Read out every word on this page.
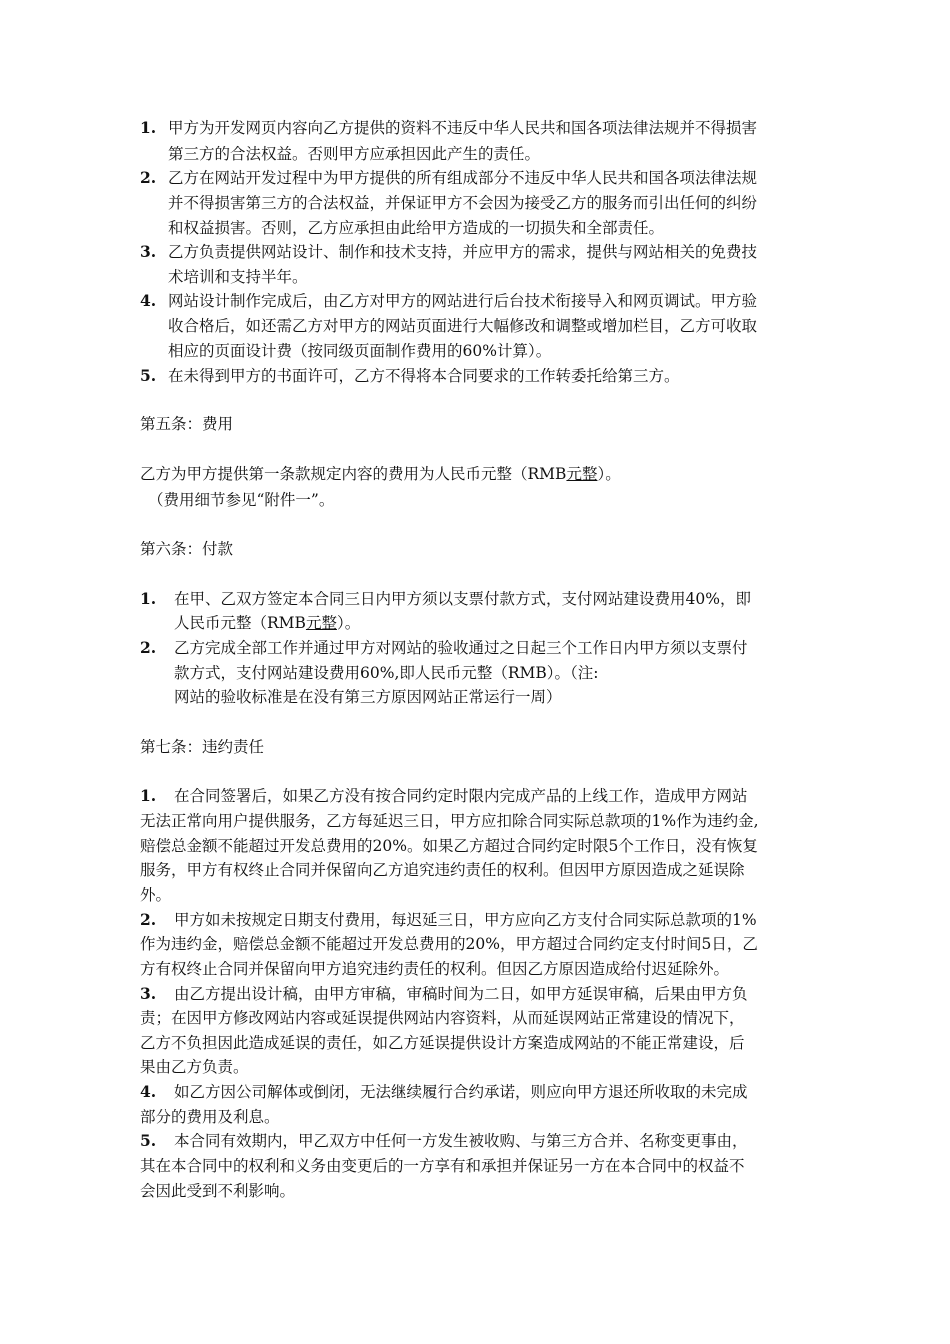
1. 甲方为开发网页内容向乙方提供的资料不违反中华人民共和国各项法律法规并不得损害
第三方的合法权益。否则甲方应承担因此产生的责任。
2. 乙方在网站开发过程中为甲方提供的所有组成部分不违反中华人民共和国各项法律法规
并不得损害第三方的合法权益，并保证甲方不会因为接受乙方的服务而引出任何的纠纷
和权益损害。否则，乙方应承担由此给甲方造成的一切损失和全部责任。
3. 乙方负责提供网站设计、制作和技术支持，并应甲方的需求，提供与网站相关的免费技
术培训和支持半年。
4. 网站设计制作完成后，由乙方对甲方的网站进行后台技术衔接导入和网页调试。甲方验
收合格后，如还需乙方对甲方的网站页面进行大幅修改和调整或增加栏目，乙方可收取
相应的页面设计费（按同级页面制作费用的60%计算）。
5. 在未得到甲方的书面许可，乙方不得将本合同要求的工作转委托给第三方。
第五条：费用
乙方为甲方提供第一条款规定内容的费用为人民币元整（RMB元整）。
（费用细节参见“附件一”。
第六条：付款
1. 在甲、乙双方签定本合同三日内甲方须以支票付款方式，支付网站建设费用40%，即
人民币元整（RMB元整）。
2. 乙方完成全部工作并通过甲方对网站的验收通过之日起三个工作日内甲方须以支票付
款方式，支付网站建设费用60%,即人民币元整（RMB）。（注:
网站的验收标准是在没有第三方原因网站正常运行一周）
第七条：违约责任
1. 在合同签署后，如果乙方没有按合同约定时限内完成产品的上线工作，造成甲方网站
无法正常向用户提供服务，乙方每延迟三日，甲方应扣除合同实际总款项的1%作为违约金,
赔偿总金额不能超过开发总费用的20%。如果乙方超过合同约定时限5个工作日，没有恢复
服务，甲方有权终止合同并保留向乙方追究违约责任的权利。但因甲方原因造成之延误除
外。
2. 甲方如未按规定日期支付费用，每迟延三日，甲方应向乙方支付合同实际总款项的1%
作为违约金，赔偿总金额不能超过开发总费用的20%，甲方超过合同约定支付时间5日，乙
方有权终止合同并保留向甲方追究违约责任的权利。但因乙方原因造成给付迟延除外。
3. 由乙方提出设计稿，由甲方审稿，审稿时间为二日，如甲方延误审稿，后果由甲方负
责；在因甲方修改网站内容或延误提供网站内容资料，从而延误网站正常建设的情况下，
乙方不负担因此造成延误的责任，如乙方延误提供设计方案造成网站的不能正常建设，后
果由乙方负责。
4. 如乙方因公司解体或倒闭，无法继续履行合约承诺，则应向甲方退还所收取的未完成
部分的费用及利息。
5. 本合同有效期内，甲乙双方中任何一方发生被收购、与第三方合并、名称变更事由，
其在本合同中的权利和义务由变更后的一方享有和承担并保证另一方在本合同中的权益不
会因此受到不利影响。
